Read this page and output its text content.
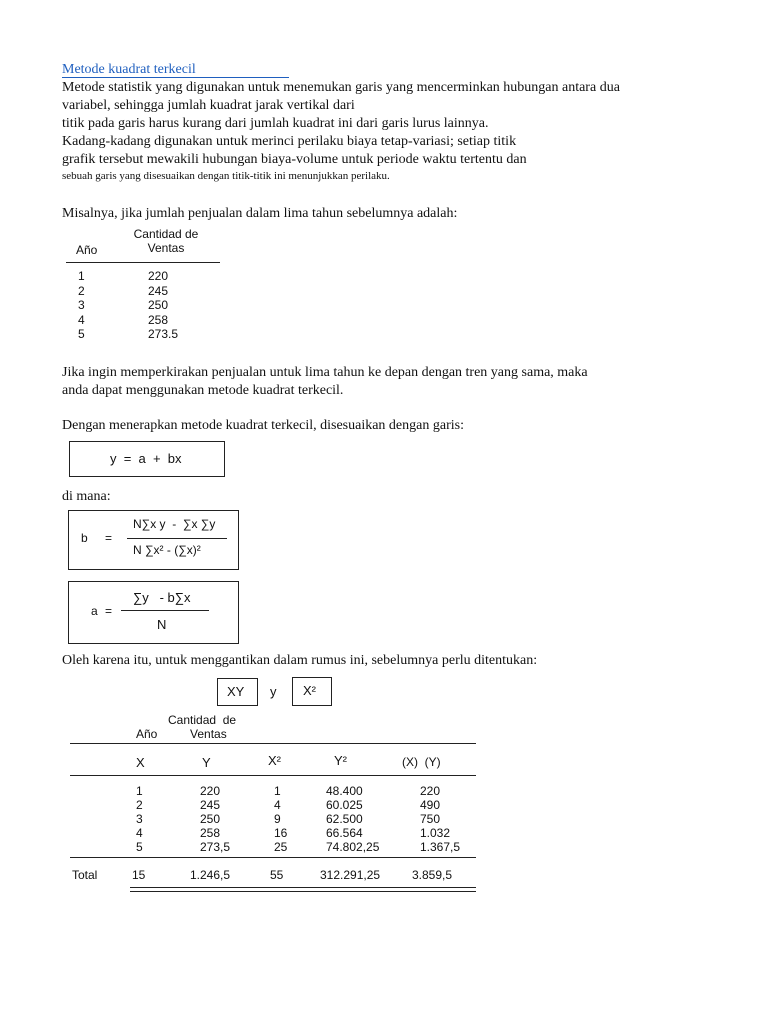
Metode kuadrat terkecil
Metode statistik yang digunakan untuk menemukan garis yang mencerminkan hubungan antara dua
variabel, sehingga jumlah kuadrat jarak vertikal dari
titik pada garis harus kurang dari jumlah kuadrat ini dari garis lurus lainnya.
Kadang-kadang digunakan untuk merinci perilaku biaya tetap-variasi; setiap titik
grafik tersebut mewakili hubungan biaya-volume untuk periode waktu tertentu dan
sebuah garis yang disesuaikan dengan titik-titik ini menunjukkan perilaku.
Misalnya, jika jumlah penjualan dalam lima tahun sebelumnya adalah:
Año
Cantidad de
Ventas
1	220
2	245
3	250
4	258
5	273.5
Jika ingin memperkirakan penjualan untuk lima tahun ke depan dengan tren yang sama, maka
anda dapat menggunakan metode kuadrat terkecil.
Dengan menerapkan metode kuadrat terkecil, disesuaikan dengan garis:
y  =  a  +  bx
di mana:
b =
N∑x y  -  ∑x ∑y
N ∑x² - (∑x)²
a =
∑y   - b∑x
N
Oleh karena itu, untuk menggantikan dalam rumus ini, sebelumnya perlu ditentukan:
XY y X²
Año
Cantidad  de
Ventas
X	Y	X²	Y²	(X)  (Y)
1	220	1	48.400	220
2	245	4	60.025	490
3	250	9	62.500	750
4	258	16	66.564	1.032
5	273,5	25	74.802,25	1.367,5
Total	15	1.246,5	55	312.291,25	3.859,5
